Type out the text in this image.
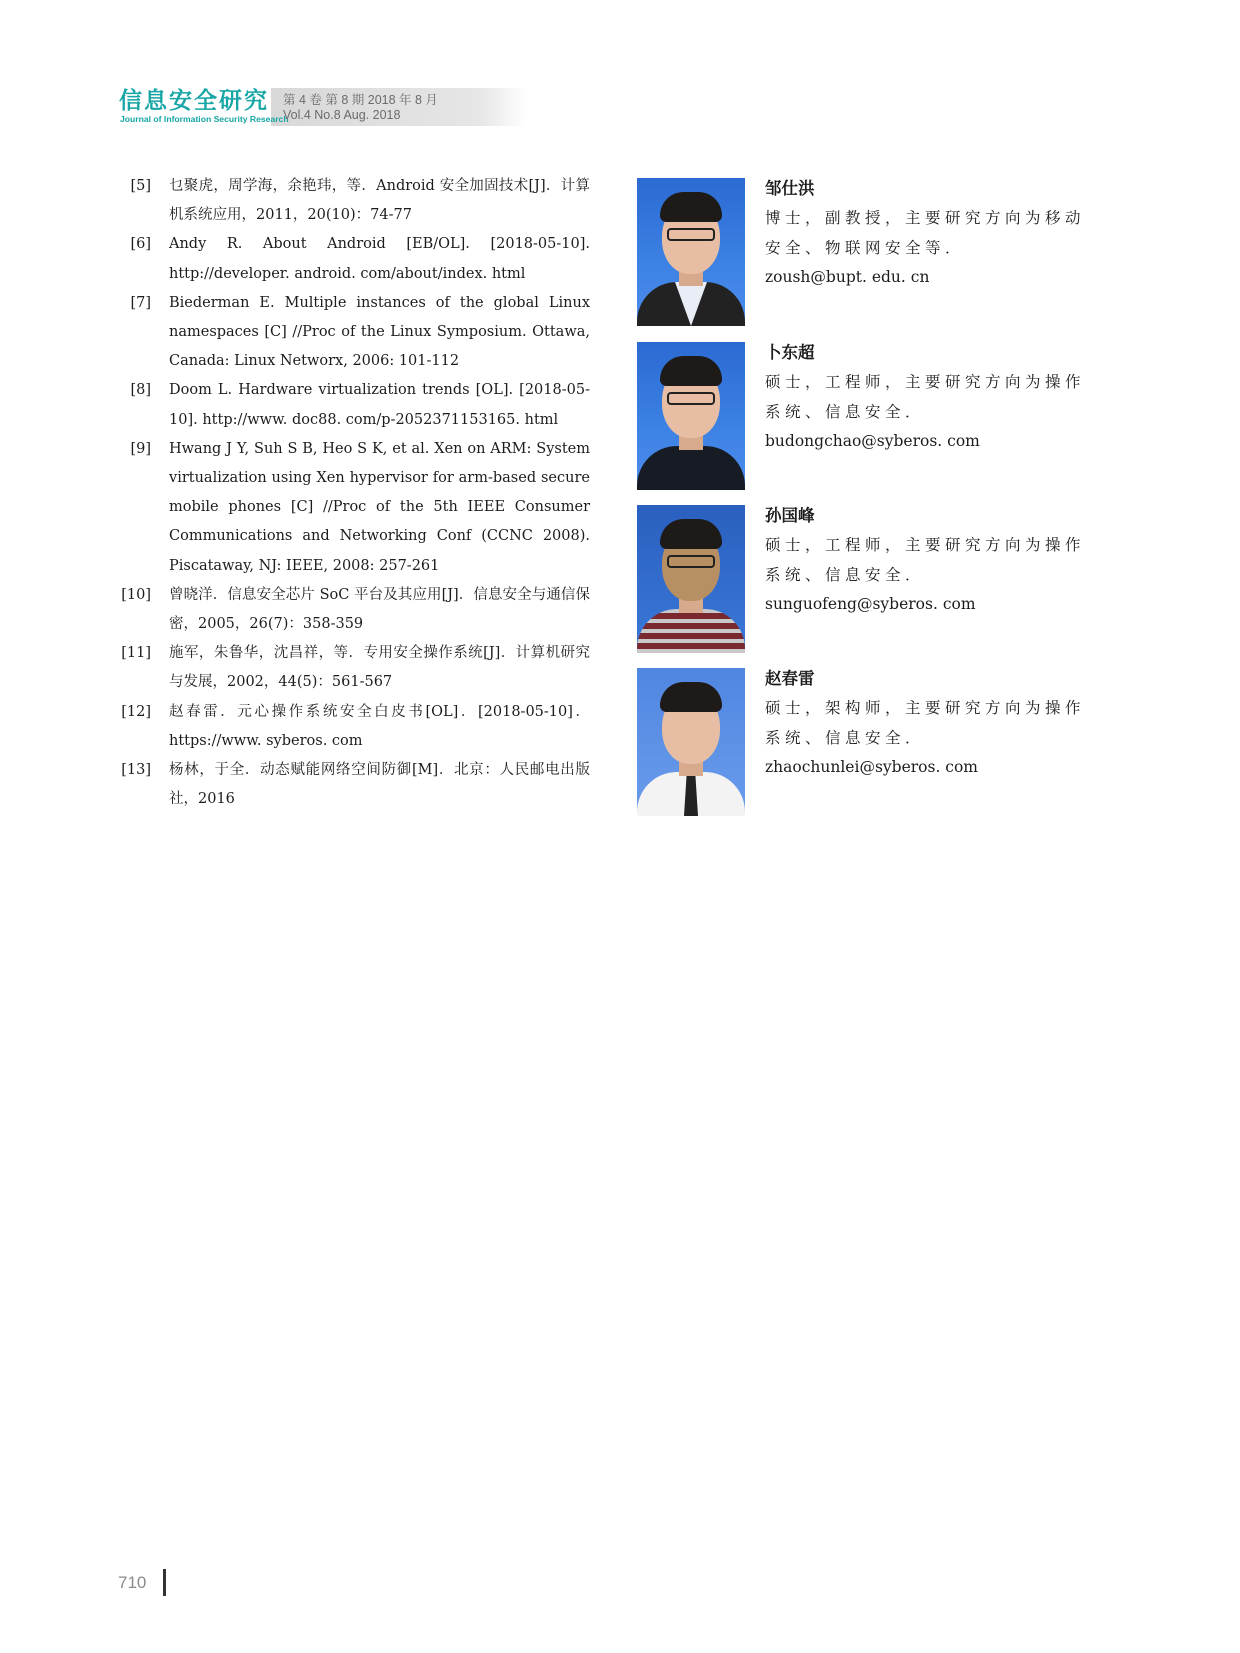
信息安全研究
Journal of Information Security Research
第 4 卷 第 8 期 2018 年 8 月
Vol.4 No.8 Aug. 2018
[5]	乜聚虎，周学海，余艳玮，等．Android 安全加固技术[J]．计算机系统应用，2011，20(10)：74-77
[6]	Andy R. About Android [EB/OL]. [2018-05-10]. http://developer. android. com/about/index. html
[7]	Biederman E. Multiple instances of the global Linux namespaces [C] //Proc of the Linux Symposium. Ottawa, Canada: Linux Networx, 2006: 101-112
[8]	Doom L. Hardware virtualization trends [OL]. [2018-05-10]. http://www. doc88. com/p-2052371153165. html
[9]	Hwang J Y, Suh S B, Heo S K, et al. Xen on ARM: System virtualization using Xen hypervisor for arm-based secure mobile phones [C] //Proc of the 5th IEEE Consumer Communications and Networking Conf (CCNC 2008). Piscataway, NJ: IEEE, 2008: 257-261
[10]	曾晓洋．信息安全芯片 SoC 平台及其应用[J]．信息安全与通信保密，2005，26(7)：358-359
[11]	施军，朱鲁华，沈昌祥，等．专用安全操作系统[J]．计算机研究与发展，2002，44(5)：561-567
[12]	赵春雷．元心操作系统安全白皮书[OL]．[2018-05-10]．https://www. syberos. com
[13]	杨林，于全．动态赋能网络空间防御[M]．北京：人民邮电出版社，2016
邹仕洪
博士，副教授，主要研究方向为移动安全、物联网安全等．
zoush@bupt. edu. cn
卜东超
硕士，工程师，主要研究方向为操作系统、信息安全．
budongchao@syberos. com
孙国峰
硕士，工程师，主要研究方向为操作系统、信息安全．
sunguofeng@syberos. com
赵春雷
硕士，架构师，主要研究方向为操作系统、信息安全．
zhaochunlei@syberos. com
710
